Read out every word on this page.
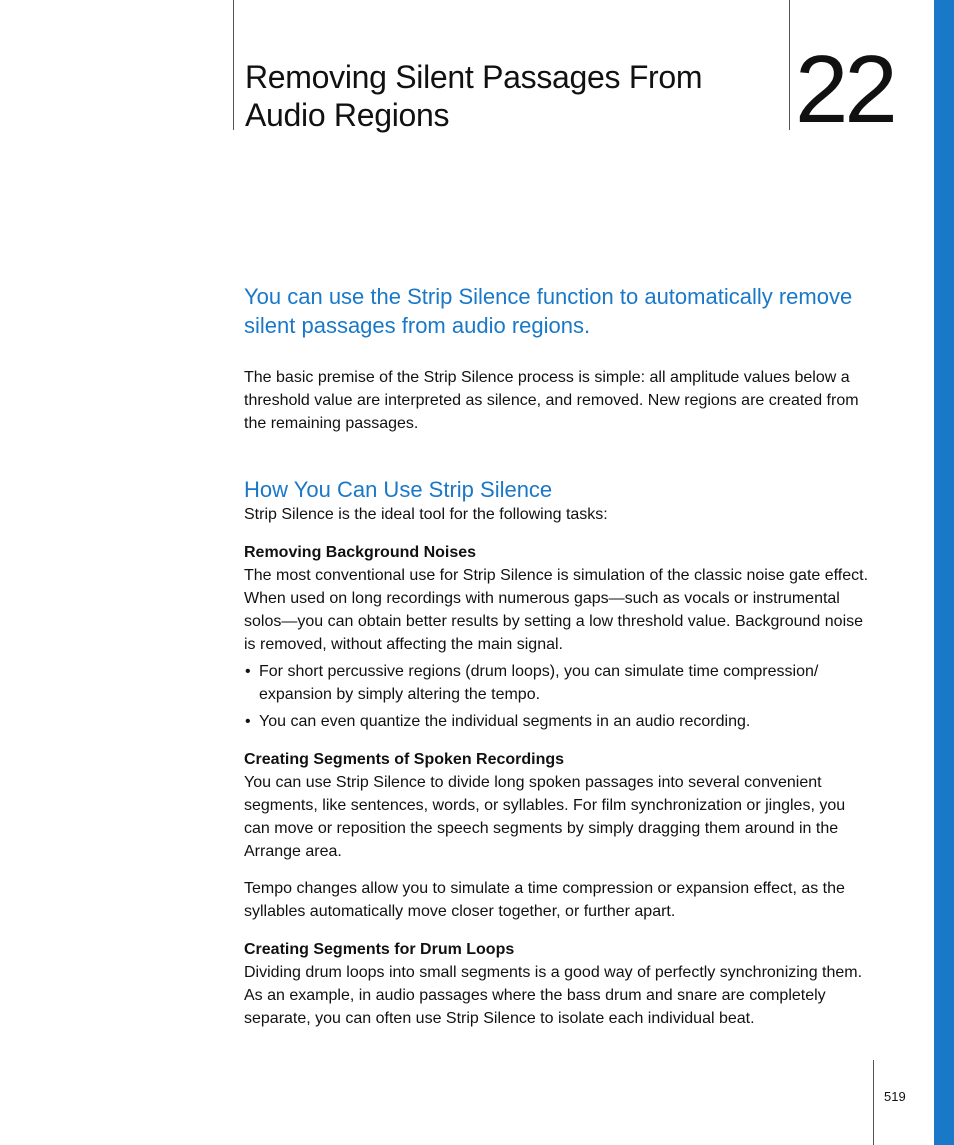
Removing Silent Passages From Audio Regions	22
You can use the Strip Silence function to automatically remove silent passages from audio regions.

The basic premise of the Strip Silence process is simple: all amplitude values below a threshold value are interpreted as silence, and removed. New regions are created from the remaining passages.

How You Can Use Strip Silence

Strip Silence is the ideal tool for the following tasks:

Removing Background Noises

The most conventional use for Strip Silence is simulation of the classic noise gate effect. When used on long recordings with numerous gaps—such as vocals or instrumental solos—you can obtain better results by setting a low threshold value. Background noise is removed, without affecting the main signal.

• For short percussive regions (drum loops), you can simulate time compression/ expansion by simply altering the tempo.
• You can even quantize the individual segments in an audio recording.
Creating Segments of Spoken Recordings

You can use Strip Silence to divide long spoken passages into several convenient segments, like sentences, words, or syllables. For film synchronization or jingles, you can move or reposition the speech segments by simply dragging them around in the Arrange area.

Tempo changes allow you to simulate a time compression or expansion effect, as the syllables automatically move closer together, or further apart.

Creating Segments for Drum Loops

Dividing drum loops into small segments is a good way of perfectly synchronizing them. As an example, in audio passages where the bass drum and snare are completely separate, you can often use Strip Silence to isolate each individual beat.

519
